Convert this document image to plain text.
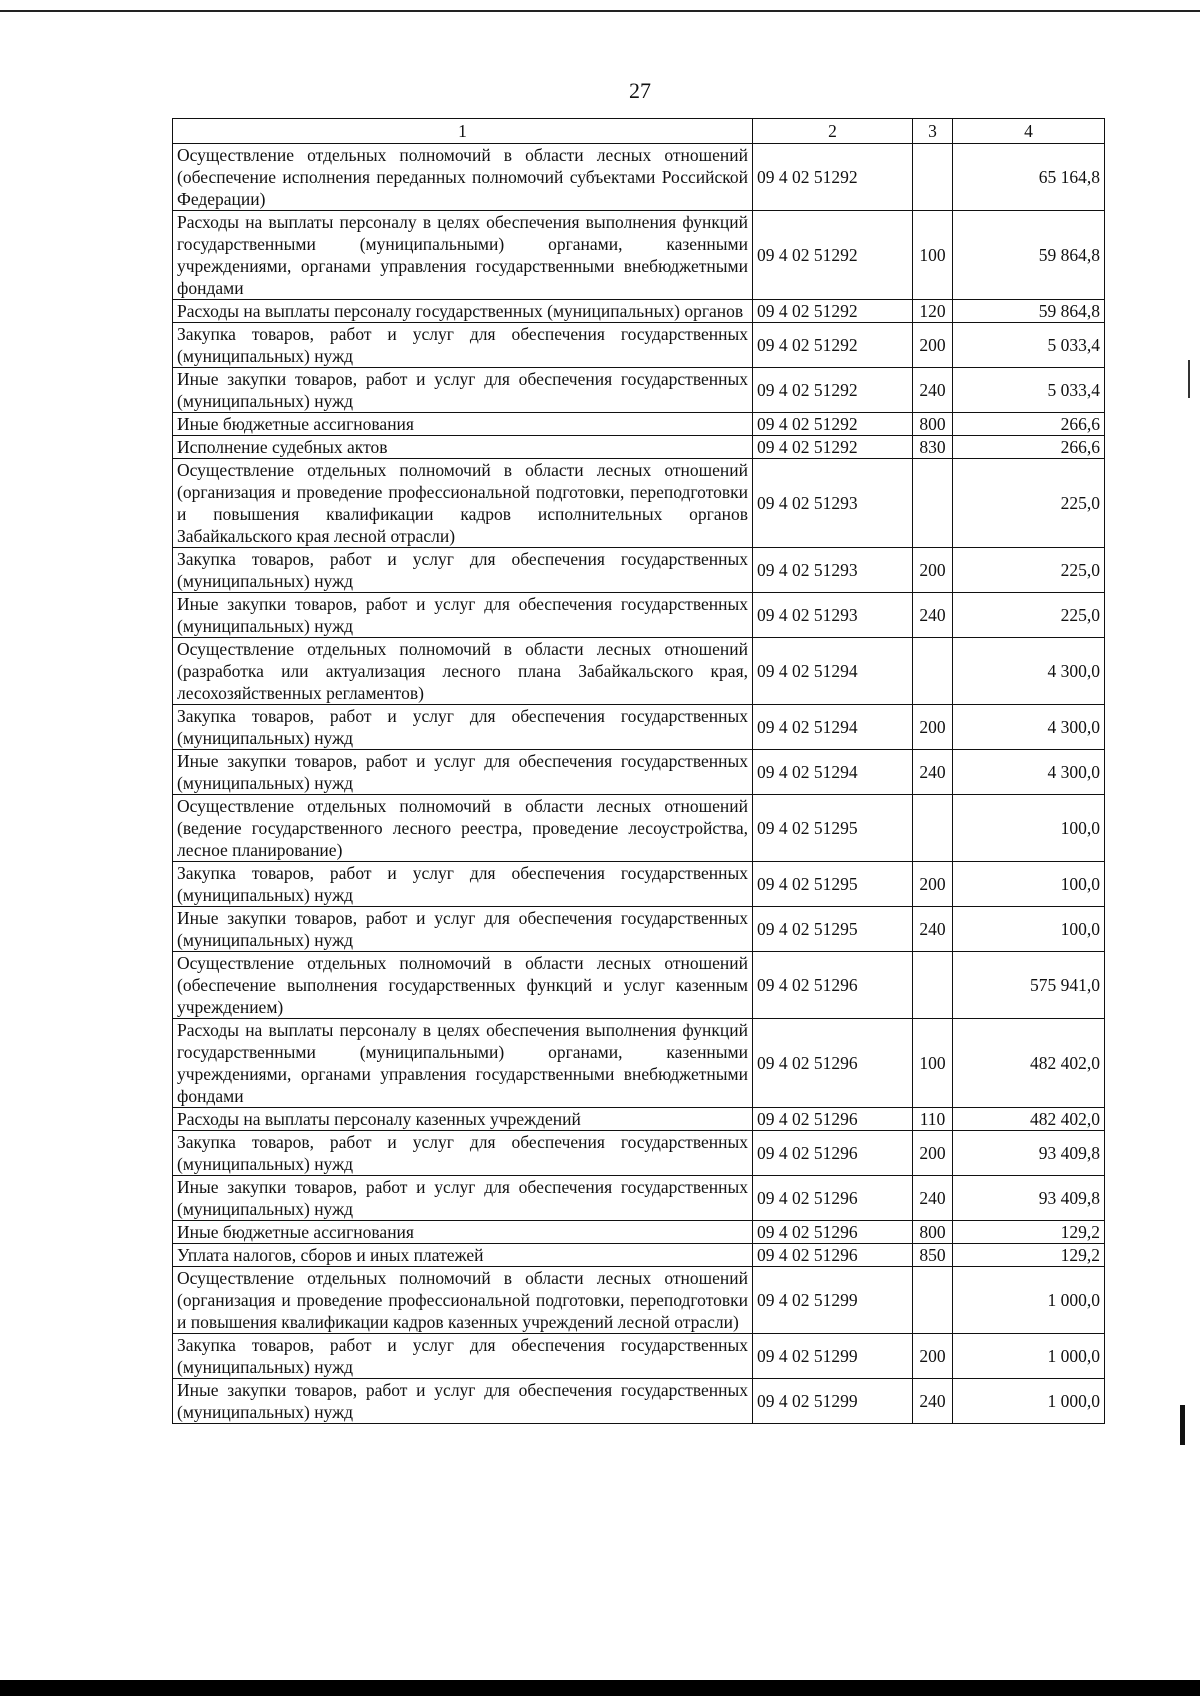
27
1	2	3	4
Осуществление отдельных полномочий в области лесных отношений (обеспечение исполнения переданных полномочий субъектами Российской Федерации)	09 4 02 51292		65 164,8
Расходы на выплаты персоналу в целях обеспечения выполнения функций государственными (муниципальными) органами, казенными учреждениями, органами управления государственными внебюджетными фондами	09 4 02 51292	100	59 864,8
Расходы на выплаты персоналу государственных (муниципальных) органов	09 4 02 51292	120	59 864,8
Закупка товаров, работ и услуг для обеспечения государственных (муниципальных) нужд	09 4 02 51292	200	5 033,4
Иные закупки товаров, работ и услуг для обеспечения государственных (муниципальных) нужд	09 4 02 51292	240	5 033,4
Иные бюджетные ассигнования	09 4 02 51292	800	266,6
Исполнение судебных актов	09 4 02 51292	830	266,6
Осуществление отдельных полномочий в области лесных отношений (организация и проведение профессиональной подготовки, переподготовки и повышения квалификации кадров исполнительных органов Забайкальского края лесной отрасли)	09 4 02 51293		225,0
Закупка товаров, работ и услуг для обеспечения государственных (муниципальных) нужд	09 4 02 51293	200	225,0
Иные закупки товаров, работ и услуг для обеспечения государственных (муниципальных) нужд	09 4 02 51293	240	225,0
Осуществление отдельных полномочий в области лесных отношений (разработка или актуализация лесного плана Забайкальского края, лесохозяйственных регламентов)	09 4 02 51294		4 300,0
Закупка товаров, работ и услуг для обеспечения государственных (муниципальных) нужд	09 4 02 51294	200	4 300,0
Иные закупки товаров, работ и услуг для обеспечения государственных (муниципальных) нужд	09 4 02 51294	240	4 300,0
Осуществление отдельных полномочий в области лесных отношений (ведение государственного лесного реестра, проведение лесоустройства, лесное планирование)	09 4 02 51295		100,0
Закупка товаров, работ и услуг для обеспечения государственных (муниципальных) нужд	09 4 02 51295	200	100,0
Иные закупки товаров, работ и услуг для обеспечения государственных (муниципальных) нужд	09 4 02 51295	240	100,0
Осуществление отдельных полномочий в области лесных отношений (обеспечение выполнения государственных функций и услуг казенным учреждением)	09 4 02 51296		575 941,0
Расходы на выплаты персоналу в целях обеспечения выполнения функций государственными (муниципальными) органами, казенными учреждениями, органами управления государственными внебюджетными фондами	09 4 02 51296	100	482 402,0
Расходы на выплаты персоналу казенных учреждений	09 4 02 51296	110	482 402,0
Закупка товаров, работ и услуг для обеспечения государственных (муниципальных) нужд	09 4 02 51296	200	93 409,8
Иные закупки товаров, работ и услуг для обеспечения государственных (муниципальных) нужд	09 4 02 51296	240	93 409,8
Иные бюджетные ассигнования	09 4 02 51296	800	129,2
Уплата налогов, сборов и иных платежей	09 4 02 51296	850	129,2
Осуществление отдельных полномочий в области лесных отношений (организация и проведение профессиональной подготовки, переподготовки и повышения квалификации кадров казенных учреждений лесной отрасли)	09 4 02 51299		1 000,0
Закупка товаров, работ и услуг для обеспечения государственных (муниципальных) нужд	09 4 02 51299	200	1 000,0
Иные закупки товаров, работ и услуг для обеспечения государственных (муниципальных) нужд	09 4 02 51299	240	1 000,0
